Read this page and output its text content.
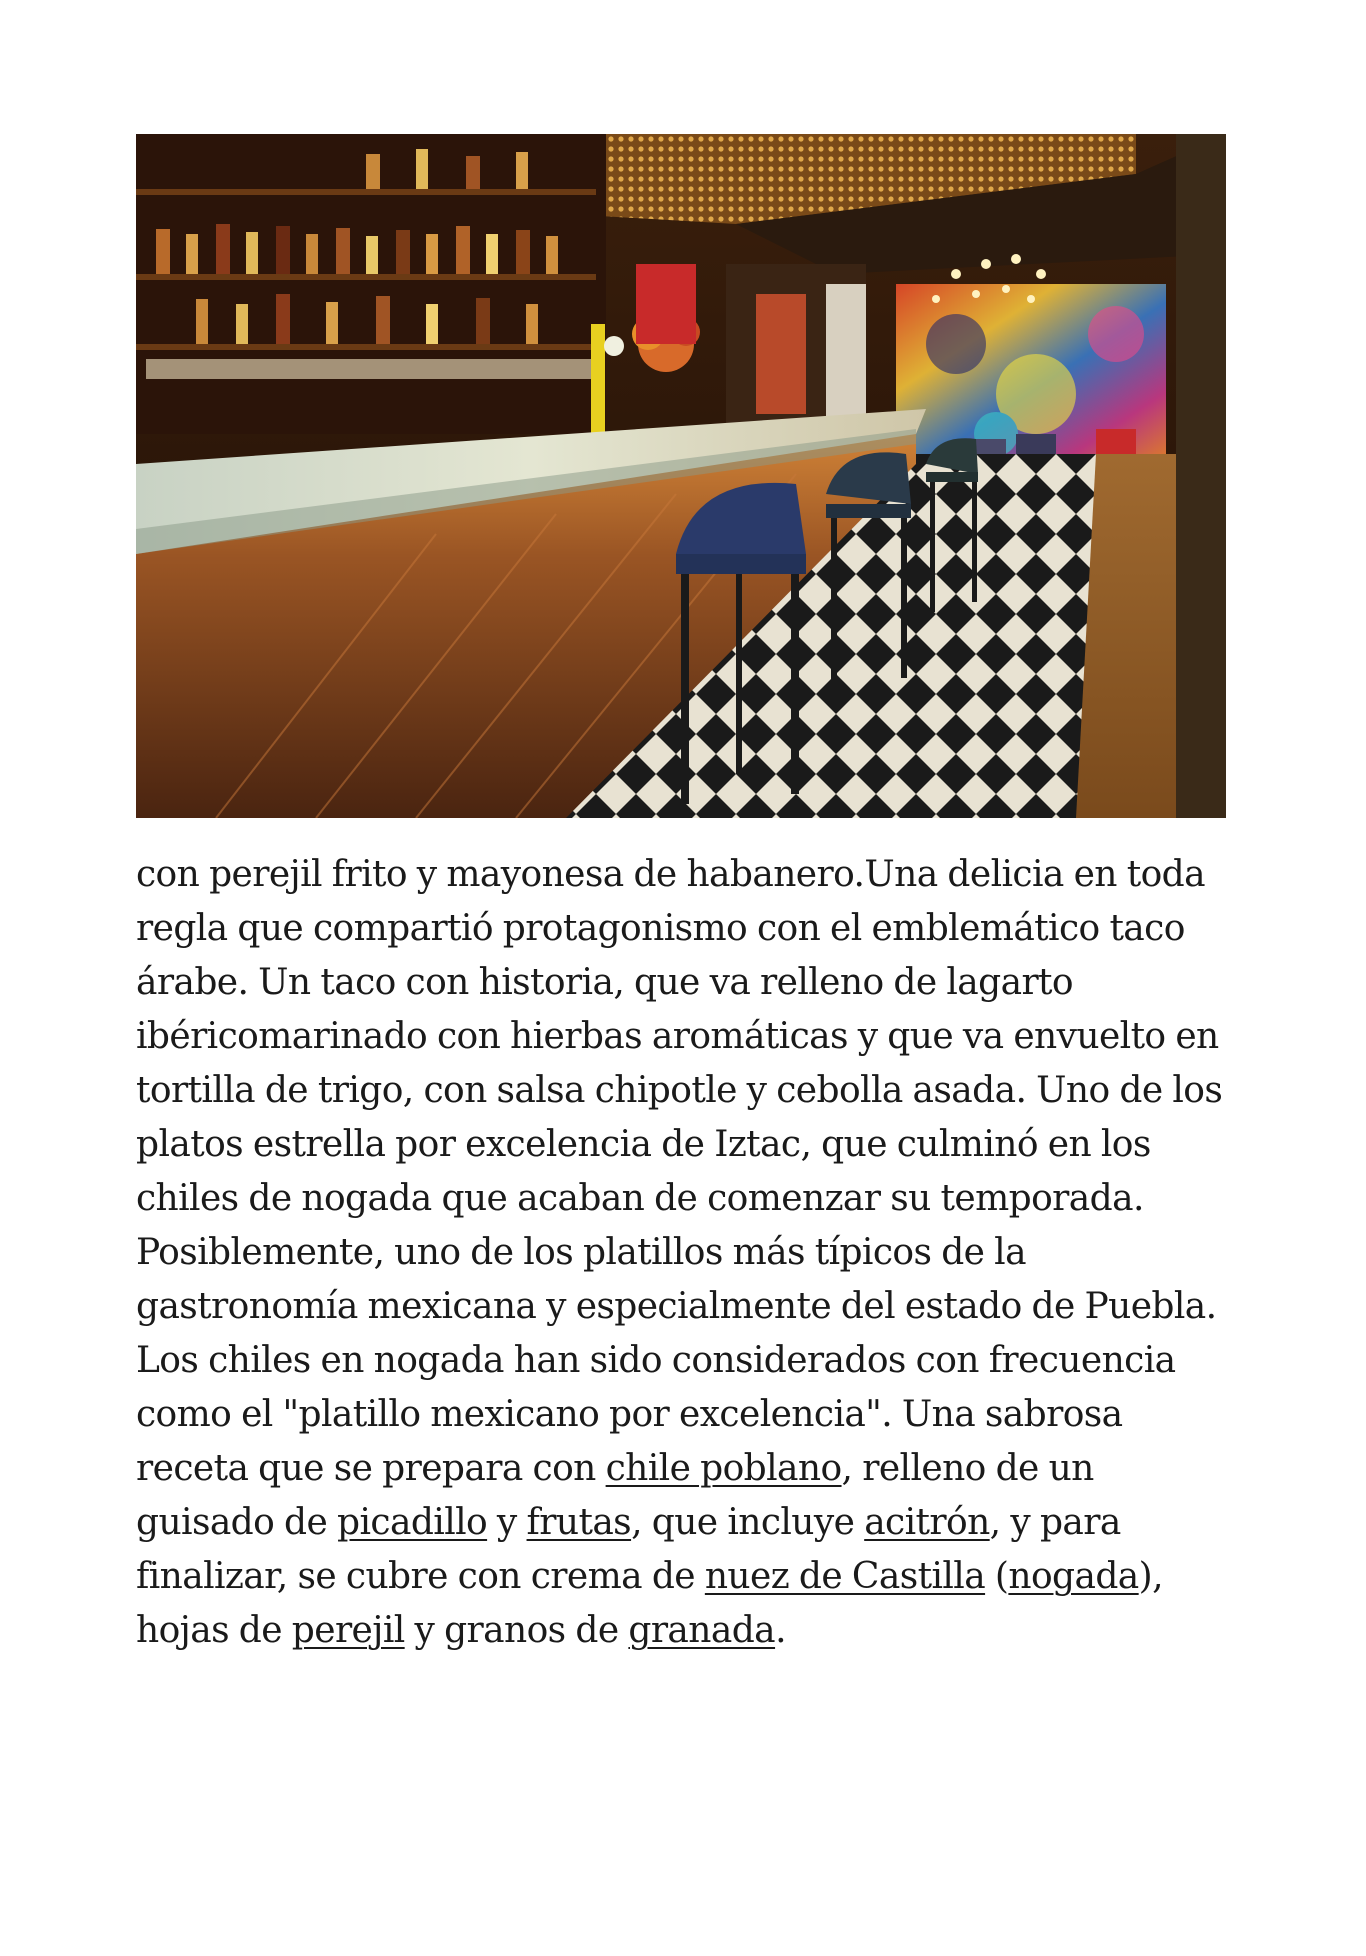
con perejil frito y mayonesa de habanero.Una delicia en toda regla que compartió protagonismo con el emblemático taco árabe. Un taco con historia, que va relleno de lagarto ibéricomarinado con hierbas aromáticas y que va envuelto en tortilla de trigo, con salsa chipotle y cebolla asada. Uno de los platos estrella por excelencia de Iztac, que culminó en los chiles de nogada que acaban de comenzar su temporada. Posiblemente, uno de los platillos más típicos de la gastronomía mexicana y especialmente del estado de Puebla. Los chiles en nogada han sido considerados con frecuencia como el "platillo mexicano por excelencia". Una sabrosa receta que se prepara con chile poblano, relleno de un guisado de picadillo y frutas, que incluye acitrón, y para finalizar, se cubre con crema de nuez de Castilla (nogada), hojas de perejil y granos de granada.
